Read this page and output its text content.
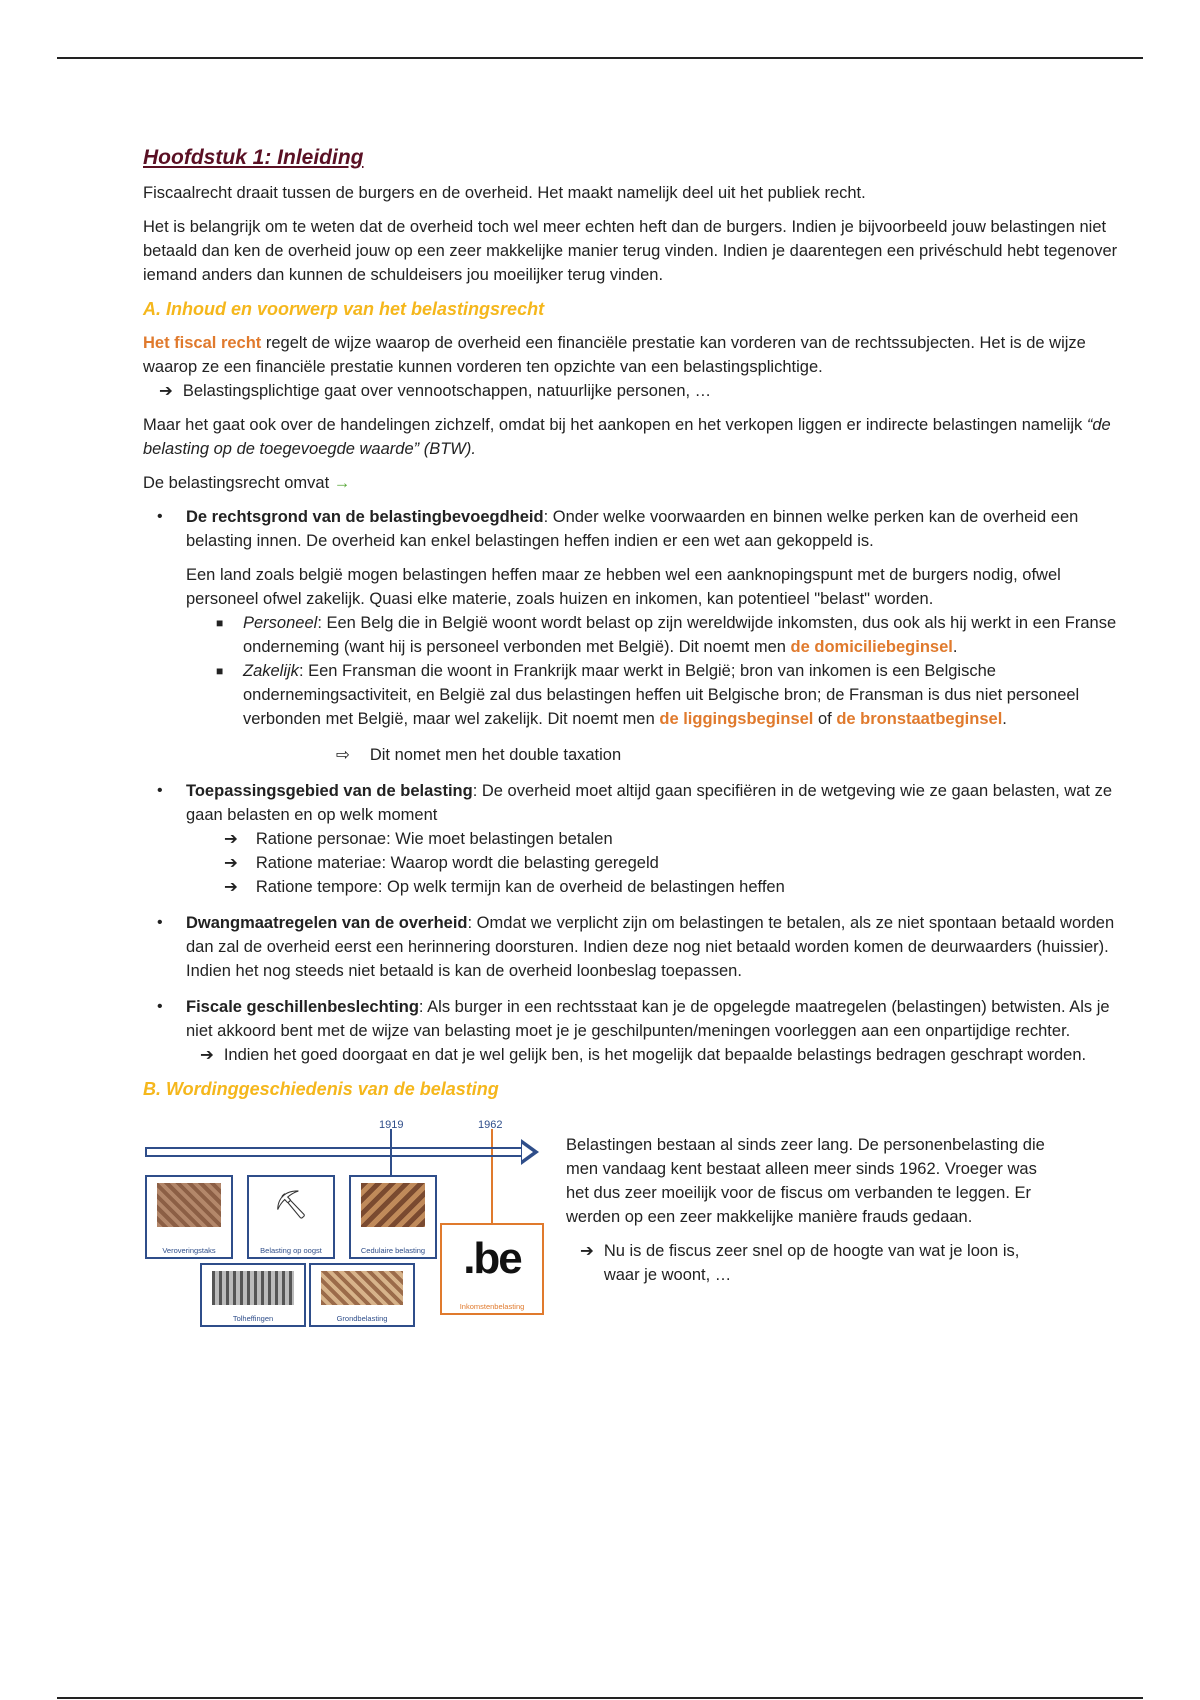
Hoofdstuk 1: Inleiding

Fiscaalrecht draait tussen de burgers en de overheid. Het maakt namelijk deel uit het publiek recht.

Het is belangrijk om te weten dat de overheid toch wel meer echten heft dan de burgers. Indien je bijvoorbeeld jouw belastingen niet betaald dan ken de overheid jouw op een zeer makkelijke manier terug vinden. Indien je daarentegen een privéschuld hebt tegenover iemand anders dan kunnen de schuldeisers jou moeilijker terug vinden.

A. Inhoud en voorwerp van het belastingsrecht

Het fiscal recht regelt de wijze waarop de overheid een financiële prestatie kan vorderen van de rechtssubjecten. Het is de wijze waarop ze een financiële prestatie kunnen vorderen ten opzichte van een belastingsplichtige.

➔ Belastingsplichtige gaat over vennootschappen, natuurlijke personen, …

Maar het gaat ook over de handelingen zichzelf, omdat bij het aankopen en het verkopen liggen er indirecte belastingen namelijk “de belasting op de toegevoegde waarde” (BTW).

De belastingsrecht omvat →

• De rechtsgrond van de belastingbevoegdheid: Onder welke voorwaarden en binnen welke perken kan de overheid een belasting innen. De overheid kan enkel belastingen heffen indien er een wet aan gekoppeld is.

Een land zoals belgië mogen belastingen heffen maar ze hebben wel een aanknopingspunt met de burgers nodig, ofwel personeel ofwel zakelijk. Quasi elke materie, zoals huizen en inkomen, kan potentieel "belast" worden.

■ Personeel: Een Belg die in België woont wordt belast op zijn wereldwijde inkomsten, dus ook als hij werkt in een Franse onderneming (want hij is personeel verbonden met België). Dit noemt men de domiciliebeginsel.
■ Zakelijk: Een Fransman die woont in Frankrijk maar werkt in België; bron van inkomen is een Belgische ondernemingsactiviteit, en België zal dus belastingen heffen uit Belgische bron; de Fransman is dus niet personeel verbonden met België, maar wel zakelijk. Dit noemt men de liggingsbeginsel of de bronstaatbeginsel.
⇨ Dit nomet men het double taxation
• Toepassingsgebied van de belasting: De overheid moet altijd gaan specifiëren in de wetgeving wie ze gaan belasten, wat ze gaan belasten en op welk moment

➔ Ratione personae: Wie moet belastingen betalen
➔ Ratione materiae: Waarop wordt die belasting geregeld
➔ Ratione tempore: Op welk termijn kan de overheid de belastingen heffen
• Dwangmaatregelen van de overheid: Omdat we verplicht zijn om belastingen te betalen, als ze niet spontaan betaald worden dan zal de overheid eerst een herinnering doorsturen. Indien deze nog niet betaald worden komen de deurwaarders (huissier). Indien het nog steeds niet betaald is kan de overheid loonbeslag toepassen.

• Fiscale geschillenbeslechting: Als burger in een rechtsstaat kan je de opgelegde maatregelen (belastingen) betwisten. Als je niet akkoord bent met de wijze van belasting moet je je geschilpunten/meningen voorleggen aan een onpartijdige rechter.

➔ Indien het goed doorgaat en dat je wel gelijk ben, is het mogelijk dat bepaalde belastings bedragen geschrapt worden.

B. Wordinggeschiedenis van de belasting

1919	1962
Veroveringstaks
⛏
Belasting op oogst	Cedulaire belasting .be
Inkomstenbelasting
Tolheffingen	Grondbelasting

Belastingen bestaan al sinds zeer lang. De personenbelasting die men vandaag kent bestaat alleen meer sinds 1962. Vroeger was het dus zeer moeilijk voor de fiscus om verbanden te leggen. Er werden op een zeer makkelijke manière frauds gedaan.

➔ Nu is de fiscus zeer snel op de hoogte van wat je loon is, waar je woont, …
